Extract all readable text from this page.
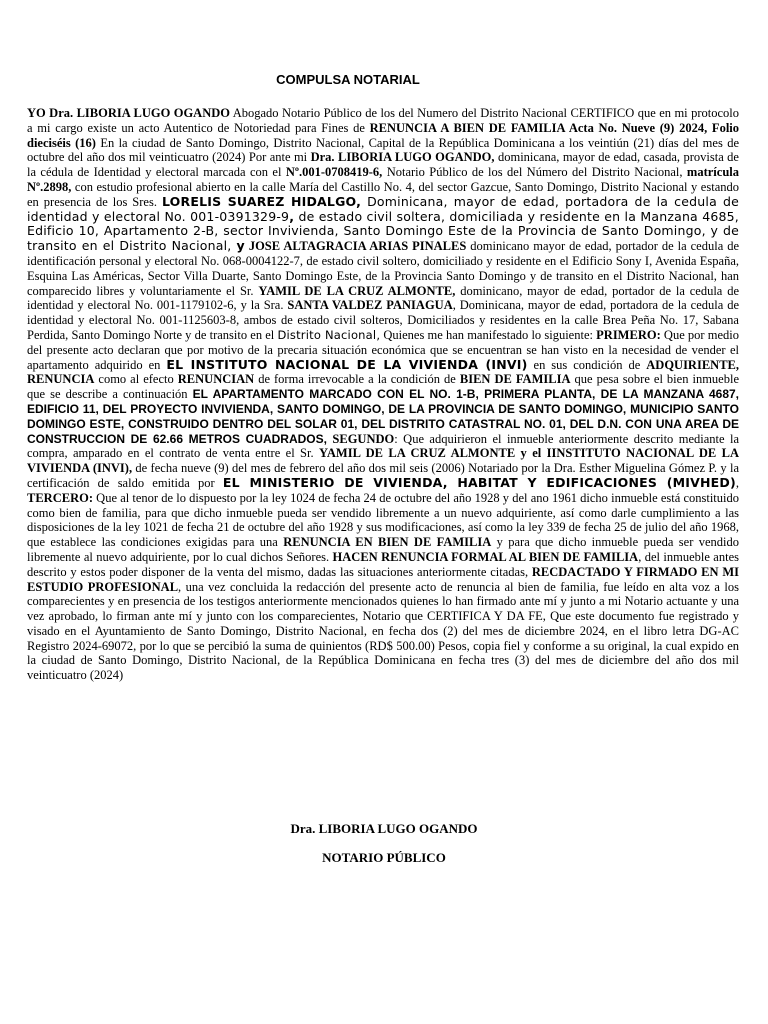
COMPULSA NOTARIAL

YO Dra. LIBORIA LUGO OGANDO Abogado Notario Público de los del Numero del Distrito Nacional CERTIFICO que en mi protocolo a mi cargo existe un acto Autentico de Notoriedad para Fines de RENUNCIA A BIEN DE FAMILIA Acta No. Nueve (9) 2024, Folio dieciséis (16) En la ciudad de Santo Domingo, Distrito Nacional, Capital de la República Dominicana a los veintiún (21) días del mes de octubre del año dos mil veinticuatro (2024) Por ante mi Dra. LIBORIA LUGO OGANDO, dominicana, mayor de edad, casada, provista de la cédula de Identidad y electoral marcada con el Nº.001-0708419-6, Notario Público de los del Número del Distrito Nacional, matrícula Nº.2898, con estudio profesional abierto en la calle María del Castillo No. 4, del sector Gazcue, Santo Domingo, Distrito Nacional y estando en presencia de los Sres. LORELIS SUAREZ HIDALGO, Dominicana, mayor de edad, portadora de la cedula de identidad y electoral No. 001-0391329-9, de estado civil soltera, domiciliada y residente en la Manzana 4685, Edificio 10, Apartamento 2-B, sector Invivienda, Santo Domingo Este de la Provincia de Santo Domingo, y de transito en el Distrito Nacional, y JOSE ALTAGRACIA ARIAS PINALES dominicano mayor de edad, portador de la cedula de identificación personal y electoral No. 068-0004122-7, de estado civil soltero, domiciliado y residente en el Edificio Sony I, Avenida España, Esquina Las Américas, Sector Villa Duarte, Santo Domingo Este, de la Provincia Santo Domingo y de transito en el Distrito Nacional, han comparecido libres y voluntariamente el Sr. YAMIL DE LA CRUZ ALMONTE, dominicano, mayor de edad, portador de la cedula de identidad y electoral No. 001-1179102-6, y la Sra. SANTA VALDEZ PANIAGUA, Dominicana, mayor de edad, portadora de la cedula de identidad y electoral No. 001-1125603-8, ambos de estado civil solteros, Domiciliados y residentes en la calle Brea Peña No. 17, Sabana Perdida, Santo Domingo Norte y de transito en el Distrito Nacional, Quienes me han manifestado lo siguiente: PRIMERO: Que por medio del presente acto declaran que por motivo de la precaria situación económica que se encuentran se han visto en la necesidad de vender el apartamento adquirido en EL INSTITUTO NACIONAL DE LA VIVIENDA (INVI) en sus condición de ADQUIRIENTE, RENUNCIA como al efecto RENUNCIAN de forma irrevocable a la condición de BIEN DE FAMILIA que pesa sobre el bien inmueble que se describe a continuación EL APARTAMENTO MARCADO CON EL NO. 1-B, PRIMERA PLANTA, DE LA MANZANA 4687, EDIFICIO 11, DEL PROYECTO INVIVIENDA, SANTO DOMINGO, DE LA PROVINCIA DE SANTO DOMINGO, MUNICIPIO SANTO DOMINGO ESTE, CONSTRUIDO DENTRO DEL SOLAR 01, DEL DISTRITO CATASTRAL NO. 01, DEL D.N. CON UNA AREA DE CONSTRUCCION DE 62.66 METROS CUADRADOS, SEGUNDO: Que adquirieron el inmueble anteriormente descrito mediante la compra, amparado en el contrato de venta entre el Sr. YAMIL DE LA CRUZ ALMONTE y el IINSTITUTO NACIONAL DE LA VIVIENDA (INVI), de fecha nueve (9) del mes de febrero del año dos mil seis (2006) Notariado por la Dra. Esther Miguelina Gómez P. y la certificación de saldo emitida por EL MINISTERIO DE VIVIENDA, HABITAT Y EDIFICACIONES (MIVHED), TERCERO: Que al tenor de lo dispuesto por la ley 1024 de fecha 24 de octubre del año 1928 y del ano 1961 dicho inmueble está constituido como bien de familia, para que dicho inmueble pueda ser vendido libremente a un nuevo adquiriente, así como darle cumplimiento a las disposiciones de la ley 1021 de fecha 21 de octubre del año 1928 y sus modificaciones, así como la ley 339 de fecha 25 de julio del año 1968, que establece las condiciones exigidas para una RENUNCIA EN BIEN DE FAMILIA y para que dicho inmueble pueda ser vendido libremente al nuevo adquiriente, por lo cual dichos Señores. HACEN RENUNCIA FORMAL AL BIEN DE FAMILIA, del inmueble antes descrito y estos poder disponer de la venta del mismo, dadas las situaciones anteriormente citadas, RECDACTADO Y FIRMADO EN MI ESTUDIO PROFESIONAL, una vez concluida la redacción del presente acto de renuncia al bien de familia, fue leído en alta voz a los comparecientes y en presencia de los testigos anteriormente mencionados quienes lo han firmado ante mí y junto a mi Notario actuante y una vez aprobado, lo firman ante mí y junto con los comparecientes, Notario que CERTIFICA Y DA FE, Que este documento fue registrado y visado en el Ayuntamiento de Santo Domingo, Distrito Nacional, en fecha dos (2) del mes de diciembre 2024, en el libro letra DG-AC Registro 2024-69072, por lo que se percibió la suma de quinientos (RD$ 500.00) Pesos, copia fiel y conforme a su original, la cual expido en la ciudad de Santo Domingo, Distrito Nacional, de la República Dominicana en fecha tres (3) del mes de diciembre del año dos mil veinticuatro (2024)

Dra. LIBORIA LUGO OGANDO

NOTARIO PÚBLICO
